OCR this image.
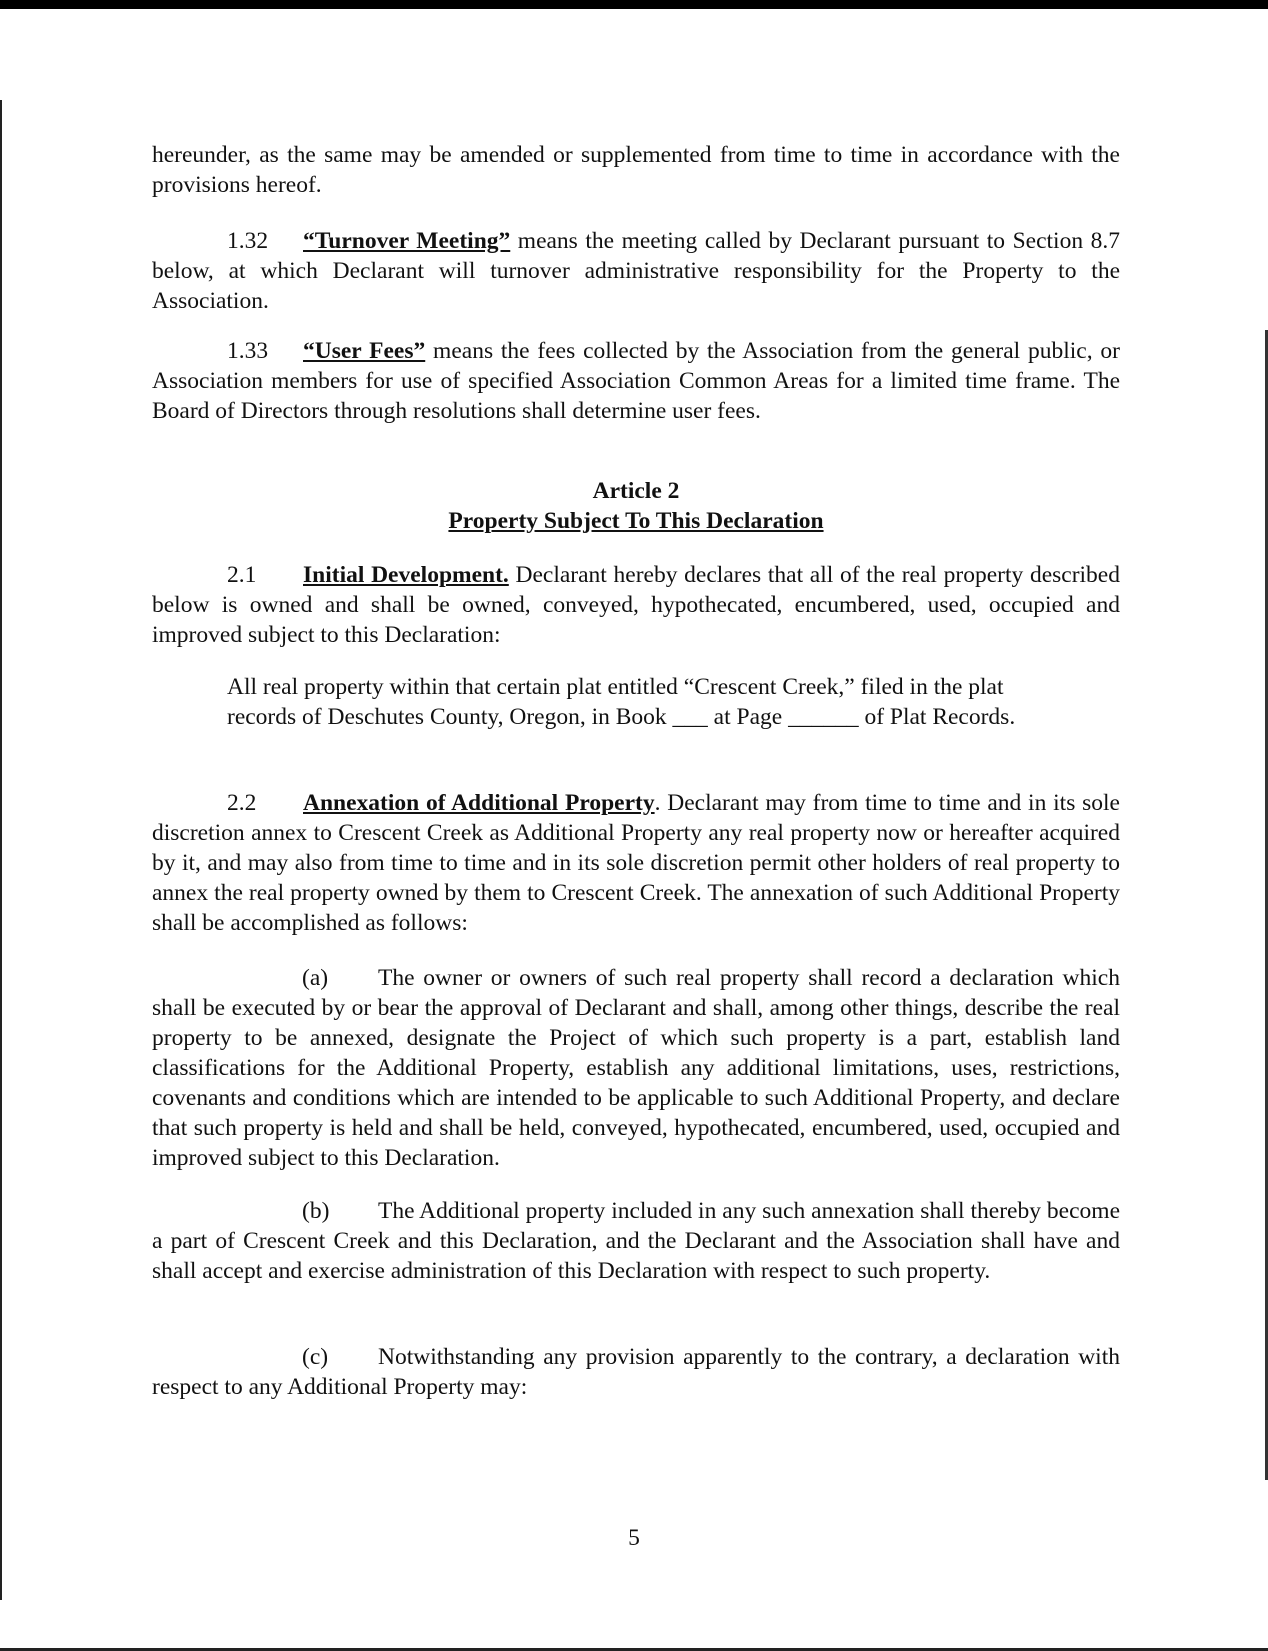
hereunder, as the same may be amended or supplemented from time to time in accordance with the provisions hereof.

1.32 “Turnover Meeting” means the meeting called by Declarant pursuant to Section 8.7 below, at which Declarant will turnover administrative responsibility for the Property to the Association.

1.33 “User Fees” means the fees collected by the Association from the general public, or Association members for use of specified Association Common Areas for a limited time frame. The Board of Directors through resolutions shall determine user fees.

Article 2
Property Subject To This Declaration

2.1 Initial Development. Declarant hereby declares that all of the real property described below is owned and shall be owned, conveyed, hypothecated, encumbered, used, occupied and improved subject to this Declaration:

All real property within that certain plat entitled “Crescent Creek,” filed in the plat records of Deschutes County, Oregon, in Book ___ at Page ______ of Plat Records.

2.2 Annexation of Additional Property. Declarant may from time to time and in its sole discretion annex to Crescent Creek as Additional Property any real property now or hereafter acquired by it, and may also from time to time and in its sole discretion permit other holders of real property to annex the real property owned by them to Crescent Creek. The annexation of such Additional Property shall be accomplished as follows:

(a) The owner or owners of such real property shall record a declaration which shall be executed by or bear the approval of Declarant and shall, among other things, describe the real property to be annexed, designate the Project of which such property is a part, establish land classifications for the Additional Property, establish any additional limitations, uses, restrictions, covenants and conditions which are intended to be applicable to such Additional Property, and declare that such property is held and shall be held, conveyed, hypothecated, encumbered, used, occupied and improved subject to this Declaration.

(b) The Additional property included in any such annexation shall thereby become a part of Crescent Creek and this Declaration, and the Declarant and the Association shall have and shall accept and exercise administration of this Declaration with respect to such property.

(c) Notwithstanding any provision apparently to the contrary, a declaration with respect to any Additional Property may:

5
